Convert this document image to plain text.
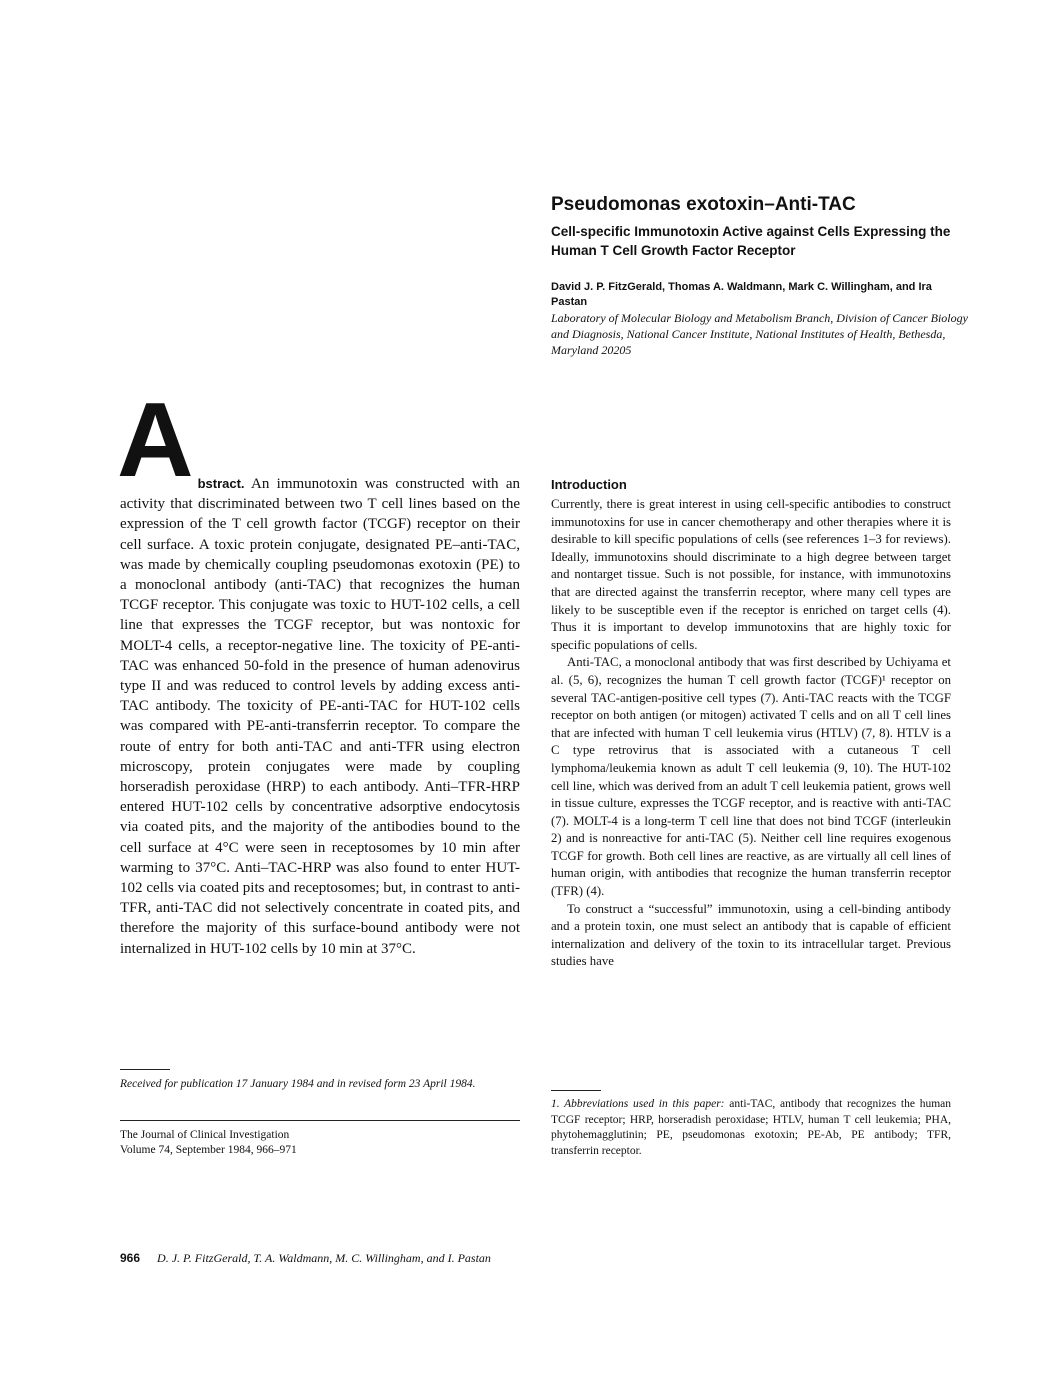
Pseudomonas exotoxin–Anti-TAC
Cell-specific Immunotoxin Active against Cells Expressing the Human T Cell Growth Factor Receptor

David J. P. FitzGerald, Thomas A. Waldmann, Mark C. Willingham, and Ira Pastan

Laboratory of Molecular Biology and Metabolism Branch, Division of Cancer Biology and Diagnosis, National Cancer Institute, National Institutes of Health, Bethesda, Maryland 20205

A bstract. An immunotoxin was constructed with an activity that discriminated between two T cell lines based on the expression of the T cell growth factor (TCGF) receptor on their cell surface. A toxic protein conjugate, designated PE–anti-TAC, was made by chemically coupling pseudomonas exotoxin (PE) to a monoclonal antibody (anti-TAC) that recognizes the human TCGF receptor. This conjugate was toxic to HUT-102 cells, a cell line that expresses the TCGF receptor, but was nontoxic for MOLT-4 cells, a receptor-negative line. The toxicity of PE-anti-TAC was enhanced 50-fold in the presence of human adenovirus type II and was reduced to control levels by adding excess anti-TAC antibody. The toxicity of PE-anti-TAC for HUT-102 cells was compared with PE-anti-transferrin receptor. To compare the route of entry for both anti-TAC and anti-TFR using electron microscopy, protein conjugates were made by coupling horseradish peroxidase (HRP) to each antibody. Anti–TFR-HRP entered HUT-102 cells by concentrative adsorptive endocytosis via coated pits, and the majority of the antibodies bound to the cell surface at 4°C were seen in receptosomes by 10 min after warming to 37°C. Anti–TAC-HRP was also found to enter HUT-102 cells via coated pits and receptosomes; but, in contrast to anti-TFR, anti-TAC did not selectively concentrate in coated pits, and therefore the majority of this surface-bound antibody were not internalized in HUT-102 cells by 10 min at 37°C.
Received for publication 17 January 1984 and in revised form 23 April 1984.
The Journal of Clinical Investigation
Volume 74, September 1984, 966–971
Introduction

Currently, there is great interest in using cell-specific antibodies to construct immunotoxins for use in cancer chemotherapy and other therapies where it is desirable to kill specific populations of cells (see references 1–3 for reviews). Ideally, immunotoxins should discriminate to a high degree between target and nontarget tissue. Such is not possible, for instance, with immunotoxins that are directed against the transferrin receptor, where many cell types are likely to be susceptible even if the receptor is enriched on target cells (4). Thus it is important to develop immunotoxins that are highly toxic for specific populations of cells.

Anti-TAC, a monoclonal antibody that was first described by Uchiyama et al. (5, 6), recognizes the human T cell growth factor (TCGF)¹ receptor on several TAC-antigen-positive cell types (7). Anti-TAC reacts with the TCGF receptor on both antigen (or mitogen) activated T cells and on all T cell lines that are infected with human T cell leukemia virus (HTLV) (7, 8). HTLV is a C type retrovirus that is associated with a cutaneous T cell lymphoma/leukemia known as adult T cell leukemia (9, 10). The HUT-102 cell line, which was derived from an adult T cell leukemia patient, grows well in tissue culture, expresses the TCGF receptor, and is reactive with anti-TAC (7). MOLT-4 is a long-term T cell line that does not bind TCGF (interleukin 2) and is nonreactive for anti-TAC (5). Neither cell line requires exogenous TCGF for growth. Both cell lines are reactive, as are virtually all cell lines of human origin, with antibodies that recognize the human transferrin receptor (TFR) (4).

To construct a “successful” immunotoxin, using a cell-binding antibody and a protein toxin, one must select an antibody that is capable of efficient internalization and delivery of the toxin to its intracellular target. Previous studies have

1. Abbreviations used in this paper: anti-TAC, antibody that recognizes the human TCGF receptor; HRP, horseradish peroxidase; HTLV, human T cell leukemia; PHA, phytohemagglutinin; PE, pseudomonas exotoxin; PE-Ab, PE antibody; TFR, transferrin receptor.
966 D. J. P. FitzGerald, T. A. Waldmann, M. C. Willingham, and I. Pastan
